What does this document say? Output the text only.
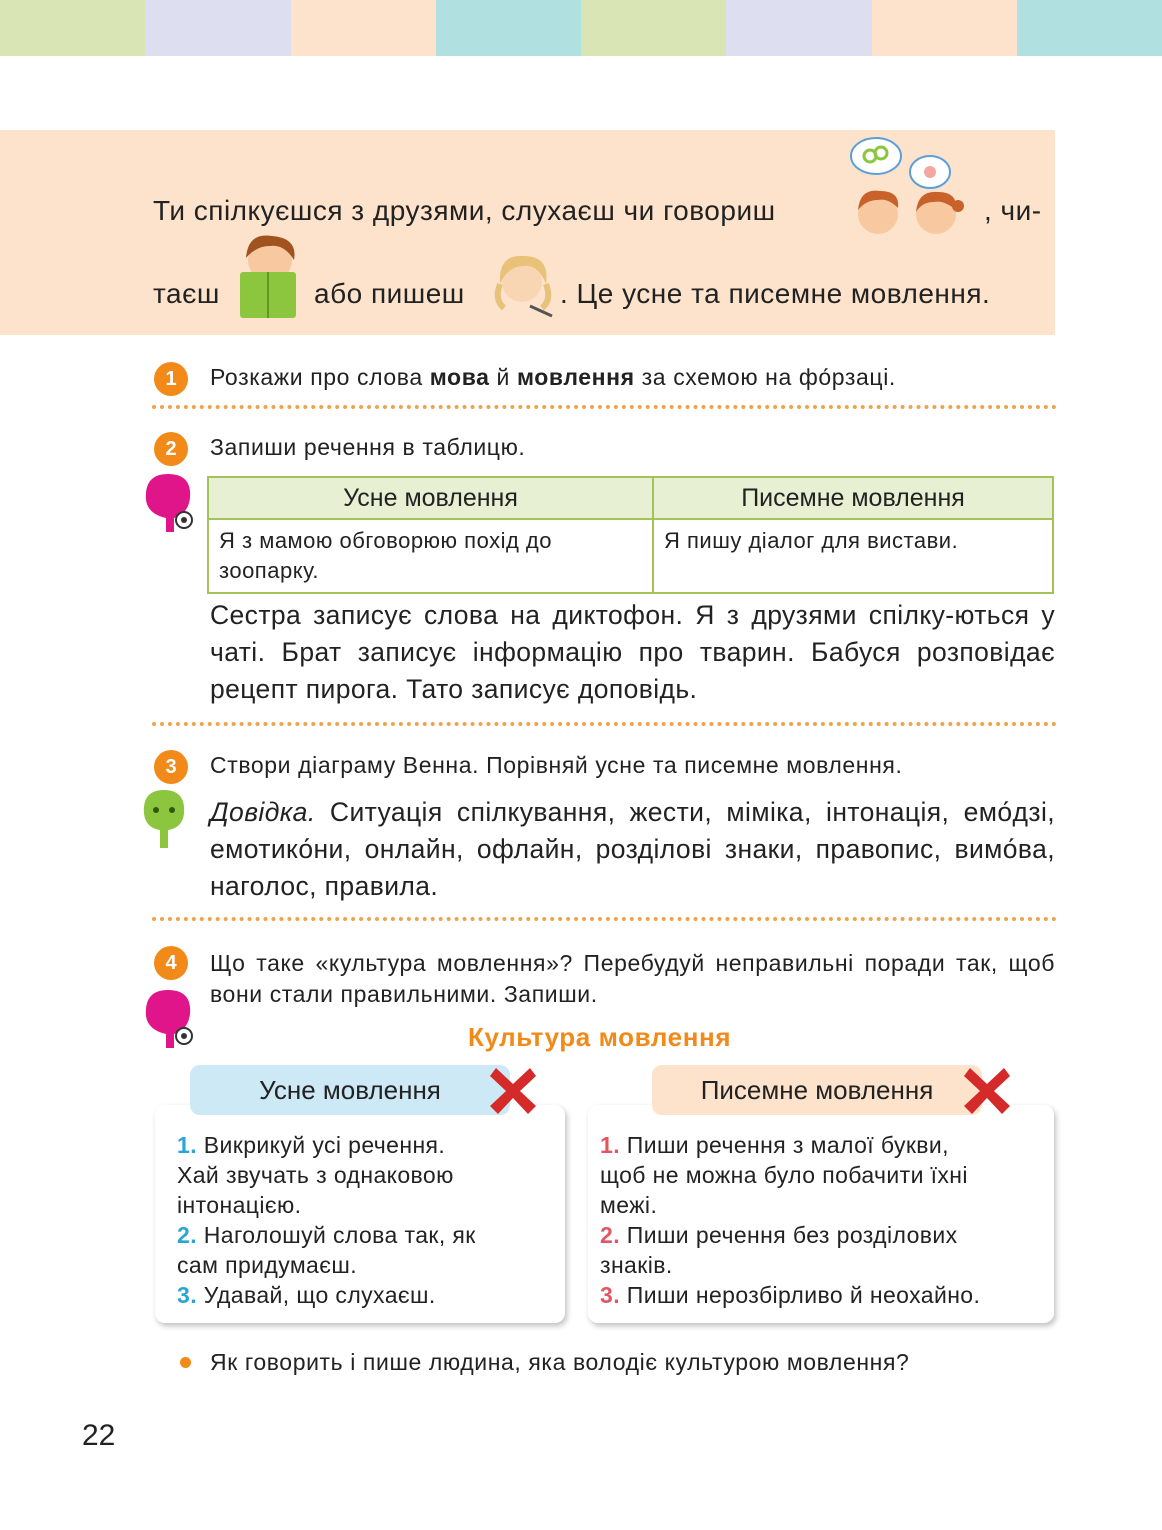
Ти спілкуєшся з друзями, слухаєш чи говориш	, чи-
таєш	або пишеш	. Це усне та писемне мовлення.
1	Розкажи про слова мова й мовлення за схемою на фо́рзаці.
2	Запиши речення в таблицю.
Усне мовлення	Писемне мовлення
Я з мамою обговорюю похід до зоопарку.	Я пишу діалог для вистави.
Сестра записує слова на диктофон. Я з друзями спілку-ються у чаті. Брат записує інформацію про тварин. Бабуся розповідає рецепт пирога. Тато записує доповідь.
3	Створи діаграму Венна. Порівняй усне та писемне мовлення.
Довідка. Ситуація спілкування, жести, міміка, інтонація, емо́дзі, емотико́ни, онлайн, офлайн, розділові знаки, правопис, вимо́ва, наголос, правила.
4	Що таке «культура мовлення»? Перебудуй неправильні поради так, щоб вони стали правильними. Запиши.
Культура мовлення
1. Викрикуй усі речення.
Хай звучать з однаковою
інтонацією.
2. Наголошуй слова так, як
сам придумаєш.
3. Удавай, що слухаєш.
Усне мовлення
1. Пиши речення з малої букви,
щоб не можна було побачити їхні
межі.
2. Пиши речення без розділових
знаків.
3. Пиши нерозбірливо й неохайно.
Писемне мовлення
Як говорить і пише людина, яка володіє культурою мовлення?
22
